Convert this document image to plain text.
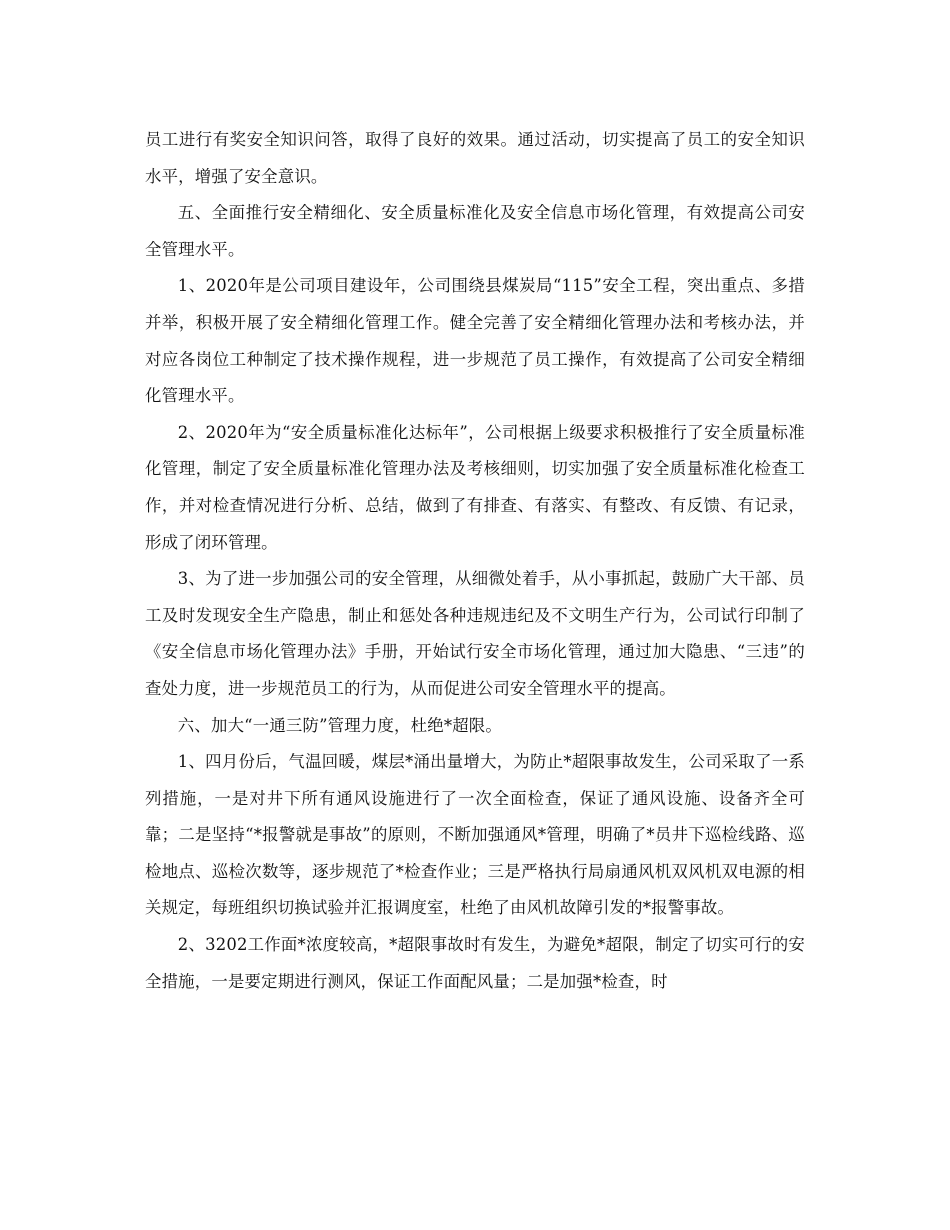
员工进行有奖安全知识问答，取得了良好的效果。通过活动，切实提高了员工的安全知识水平，增强了安全意识。

五、全面推行安全精细化、安全质量标准化及安全信息市场化管理，有效提高公司安全管理水平。

1、2020年是公司项目建设年，公司围绕县煤炭局“115”安全工程，突出重点、多措并举，积极开展了安全精细化管理工作。健全完善了安全精细化管理办法和考核办法，并对应各岗位工种制定了技术操作规程，进一步规范了员工操作，有效提高了公司安全精细化管理水平。

2、2020年为“安全质量标准化达标年”，公司根据上级要求积极推行了安全质量标准化管理，制定了安全质量标准化管理办法及考核细则，切实加强了安全质量标准化检查工作，并对检查情况进行分析、总结，做到了有排查、有落实、有整改、有反馈、有记录，形成了闭环管理。

3、为了进一步加强公司的安全管理，从细微处着手，从小事抓起，鼓励广大干部、员工及时发现安全生产隐患，制止和惩处各种违规违纪及不文明生产行为，公司试行印制了《安全信息市场化管理办法》手册，开始试行安全市场化管理，通过加大隐患、“三违”的查处力度，进一步规范员工的行为，从而促进公司安全管理水平的提高。

六、加大“一通三防”管理力度，杜绝*超限。

1、四月份后，气温回暖，煤层*涌出量增大，为防止*超限事故发生，公司采取了一系列措施，一是对井下所有通风设施进行了一次全面检查，保证了通风设施、设备齐全可靠；二是坚持“*报警就是事故”的原则，不断加强通风*管理，明确了*员井下巡检线路、巡检地点、巡检次数等，逐步规范了*检查作业；三是严格执行局扇通风机双风机双电源的相关规定，每班组织切换试验并汇报调度室，杜绝了由风机故障引发的*报警事故。

2、3202工作面*浓度较高，*超限事故时有发生，为避免*超限，制定了切实可行的安全措施，一是要定期进行测风，保证工作面配风量；二是加强*检查，时
